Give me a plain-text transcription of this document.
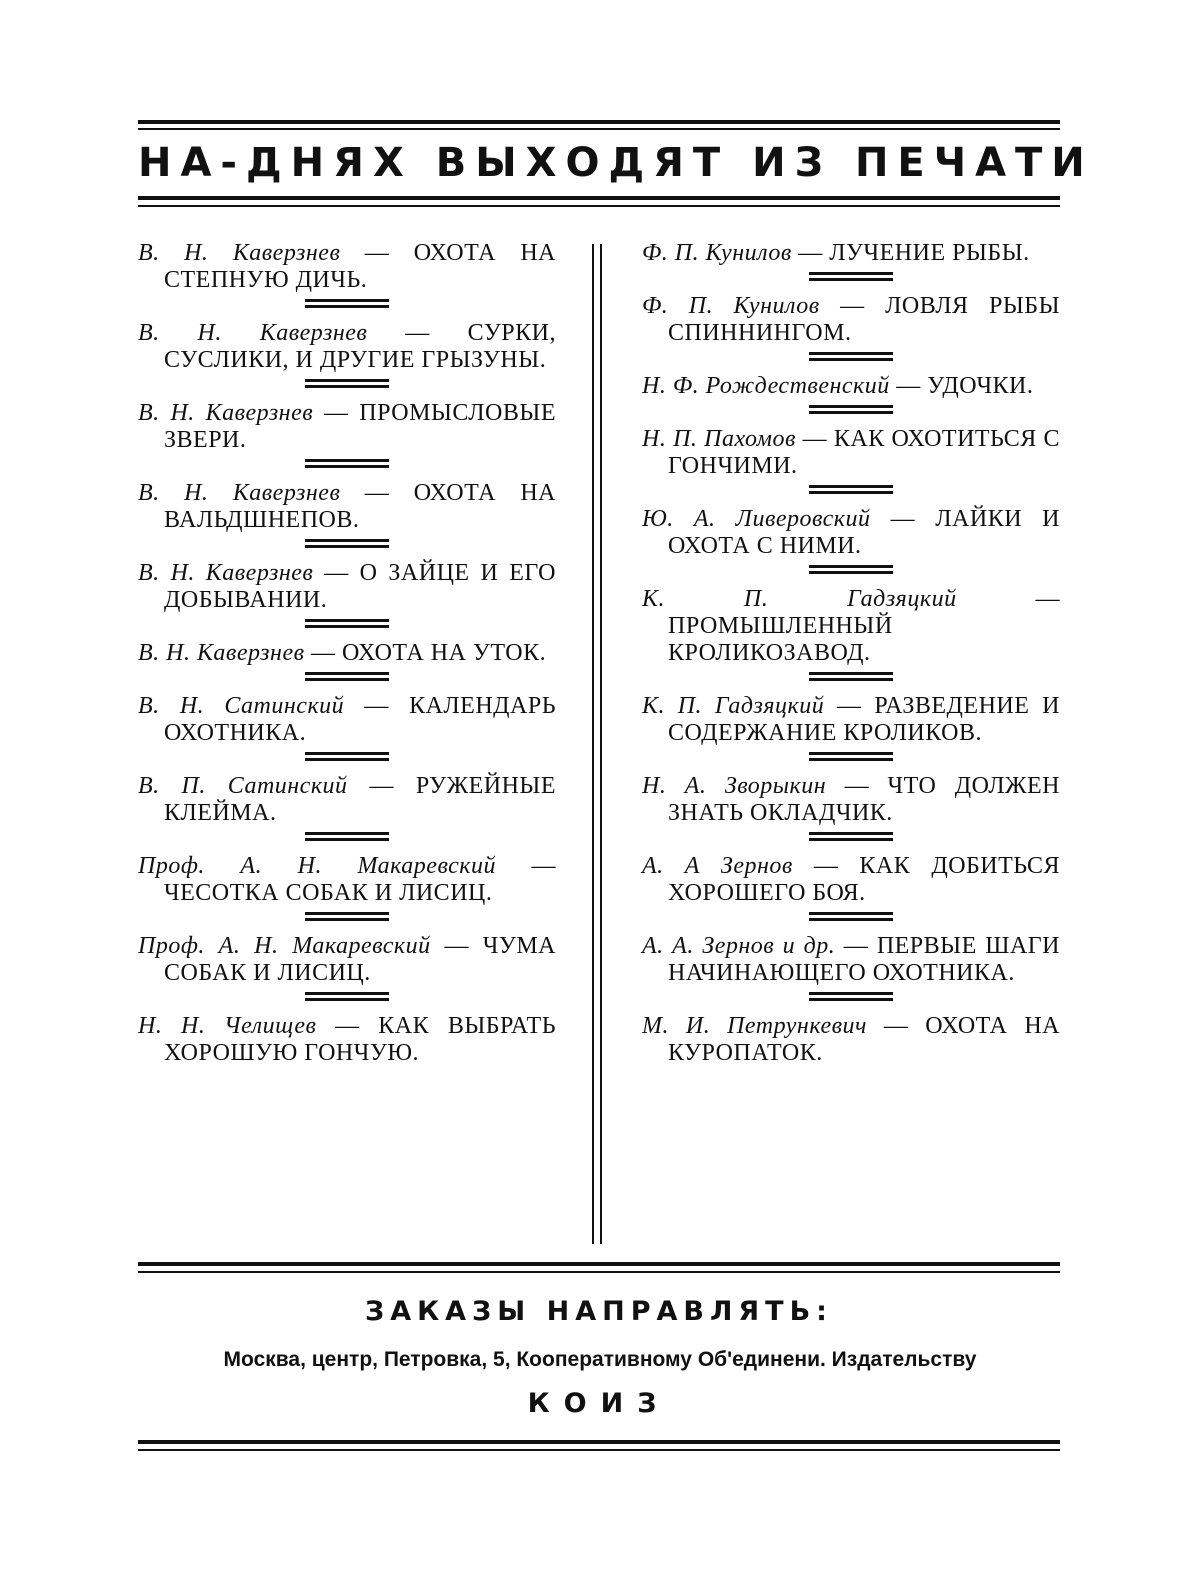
НА-ДНЯХ ВЫХОДЯТ ИЗ ПЕЧАТИ
В. Н. Каверзнев — ОХОТА НА СТЕПНУЮ ДИЧЬ.
В. Н. Каверзнев — СУРКИ, СУСЛИКИ, И ДРУГИЕ ГРЫЗУНЫ.
В. Н. Каверзнев — ПРОМЫСЛОВЫЕ ЗВЕРИ.
В. Н. Каверзнев — ОХОТА НА ВАЛЬДШНЕПОВ.
В. Н. Каверзнев — О ЗАЙЦЕ И ЕГО ДОБЫВАНИИ.
В. Н. Каверзнев — ОХОТА НА УТОК.
В. Н. Сатинский — КАЛЕНДАРЬ ОХОТНИКА.
В. П. Сатинский — РУЖЕЙНЫЕ КЛЕЙМА.
Проф. А. Н. Макаревский — ЧЕСОТКА СОБАК И ЛИСИЦ.
Проф. А. Н. Макаревский — ЧУМА СОБАК И ЛИСИЦ.
Н. Н. Челищев — КАК ВЫБРАТЬ ХОРОШУЮ ГОНЧУЮ.
Ф. П. Кунилов — ЛУЧЕНИЕ РЫБЫ.
Ф. П. Кунилов — ЛОВЛЯ РЫБЫ СПИННИНГОМ.
Н. Ф. Рождественский — УДОЧКИ.
Н. П. Пахомов — КАК ОХОТИТЬСЯ С ГОНЧИМИ.
Ю. А. Ливеровский — ЛАЙКИ И ОХОТА С НИМИ.
К. П. Гадзяцкий — ПРОМЫШЛЕННЫЙ КРОЛИКОЗАВОД.
К. П. Гадзяцкий — РАЗВЕДЕНИЕ И СОДЕРЖАНИЕ КРОЛИКОВ.
Н. А. Зворыкин — ЧТО ДОЛЖЕН ЗНАТЬ ОКЛАДЧИК.
А. А Зернов — КАК ДОБИТЬСЯ ХОРОШЕГО БОЯ.
А. А. Зернов и др. — ПЕРВЫЕ ШАГИ НАЧИНАЮЩЕГО ОХОТНИКА.
М. И. Петрункевич — ОХОТА НА КУРОПАТОК.
ЗАКАЗЫ НАПРАВЛЯТЬ:
Москва, центр, Петровка, 5, Кооперативному Об'единени. Издательству
КОИЗ
